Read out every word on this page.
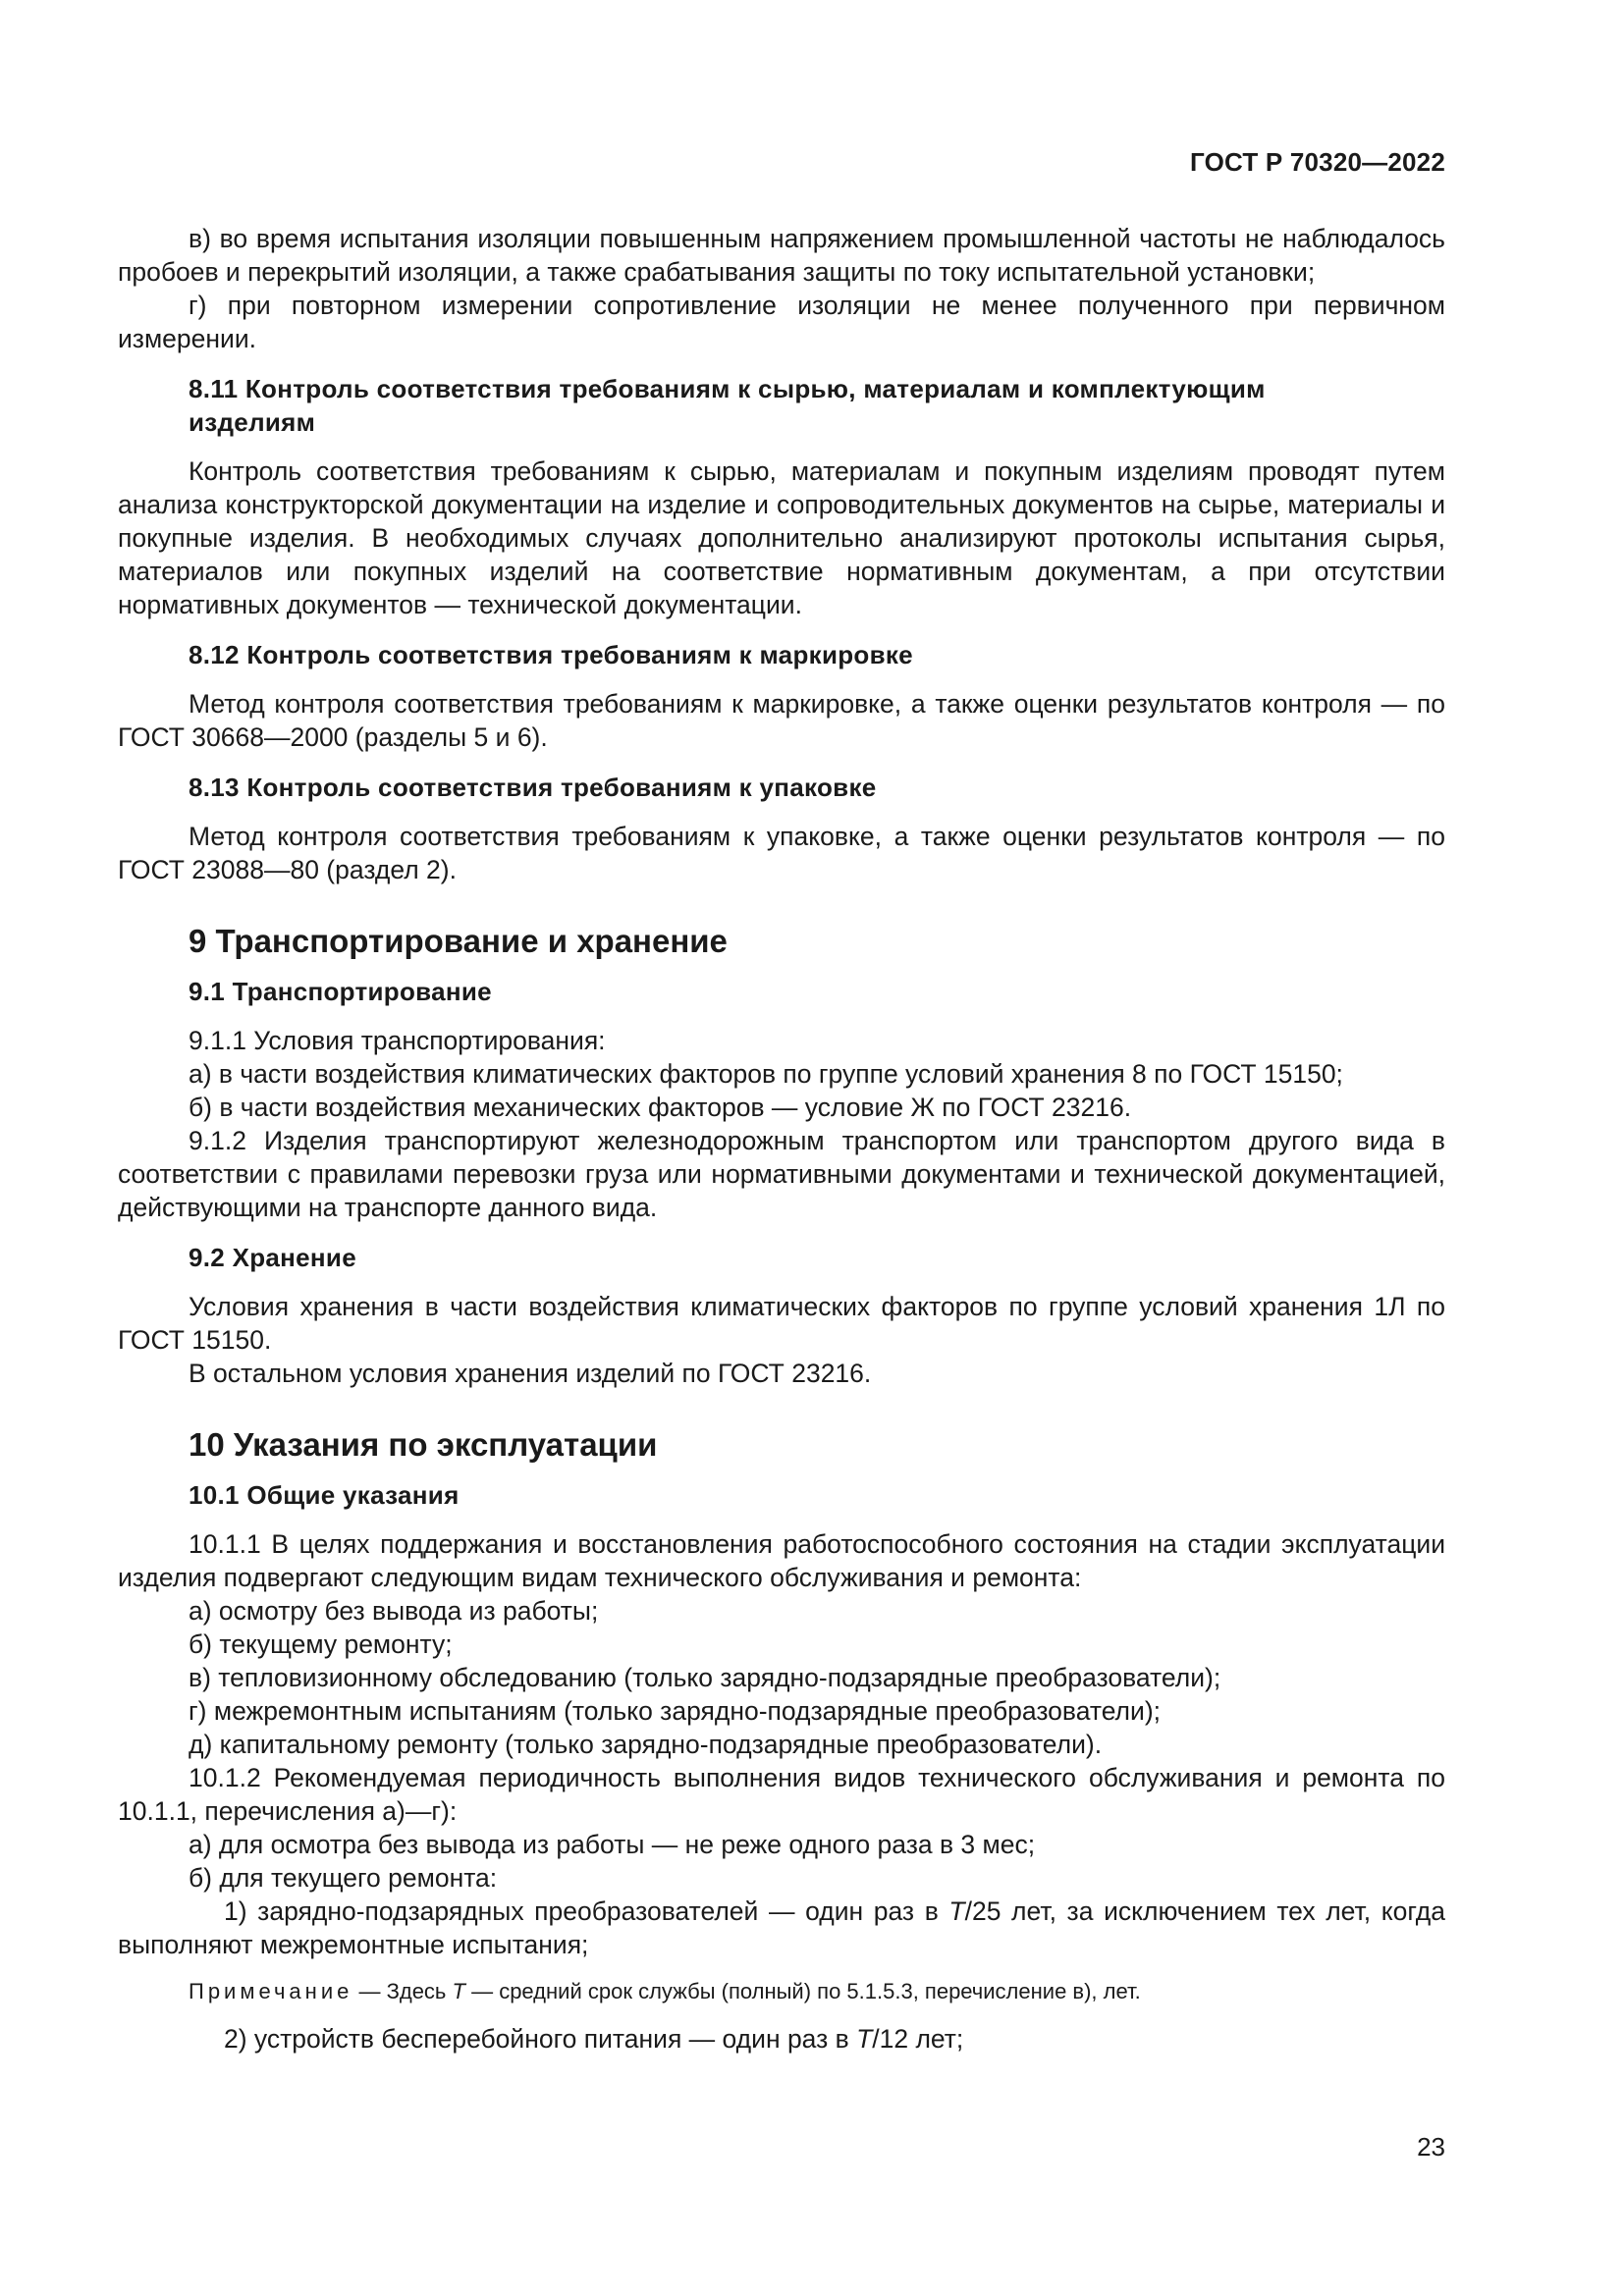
ГОСТ Р 70320—2022

в) во время испытания изоляции повышенным напряжением промышленной частоты не наблюдалось пробоев и перекрытий изоляции, а также срабатывания защиты по току испытательной установки;

г) при повторном измерении сопротивление изоляции не менее полученного при первичном измерении.

8.11 Контроль соответствия требованиям к сырью, материалам и комплектующим

изделиям

Контроль соответствия требованиям к сырью, материалам и покупным изделиям проводят путем анализа конструкторской документации на изделие и сопроводительных документов на сырье, материалы и покупные изделия. В необходимых случаях дополнительно анализируют протоколы испытания сырья, материалов или покупных изделий на соответствие нормативным документам, а при отсутствии нормативных документов — технической документации.

8.12 Контроль соответствия требованиям к маркировке

Метод контроля соответствия требованиям к маркировке, а также оценки результатов контроля — по ГОСТ 30668—2000 (разделы 5 и 6).

8.13 Контроль соответствия требованиям к упаковке

Метод контроля соответствия требованиям к упаковке, а также оценки результатов контроля — по ГОСТ 23088—80 (раздел 2).

9 Транспортирование и хранение

9.1 Транспортирование

9.1.1 Условия транспортирования:

а) в части воздействия климатических факторов по группе условий хранения 8 по ГОСТ 15150;

б) в части воздействия механических факторов — условие Ж по ГОСТ 23216.

9.1.2 Изделия транспортируют железнодорожным транспортом или транспортом другого вида в соответствии с правилами перевозки груза или нормативными документами и технической документацией, действующими на транспорте данного вида.

9.2 Хранение

Условия хранения в части воздействия климатических факторов по группе условий хранения 1Л по ГОСТ 15150.

В остальном условия хранения изделий по ГОСТ 23216.

10 Указания по эксплуатации

10.1 Общие указания

10.1.1 В целях поддержания и восстановления работоспособного состояния на стадии эксплуатации изделия подвергают следующим видам технического обслуживания и ремонта:

а) осмотру без вывода из работы;

б) текущему ремонту;

в) тепловизионному обследованию (только зарядно-подзарядные преобразователи);

г) межремонтным испытаниям (только зарядно-подзарядные преобразователи);

д) капитальному ремонту (только зарядно-подзарядные преобразователи).

10.1.2 Рекомендуемая периодичность выполнения видов технического обслуживания и ремонта по 10.1.1, перечисления а)—г):

а) для осмотра без вывода из работы — не реже одного раза в 3 мес;

б) для текущего ремонта:

1) зарядно-подзарядных преобразователей — один раз в T/25 лет, за исключением тех лет, когда выполняют межремонтные испытания;

Примечание — Здесь T — средний срок службы (полный) по 5.1.5.3, перечисление в), лет.

2) устройств бесперебойного питания — один раз в T/12 лет;

23
